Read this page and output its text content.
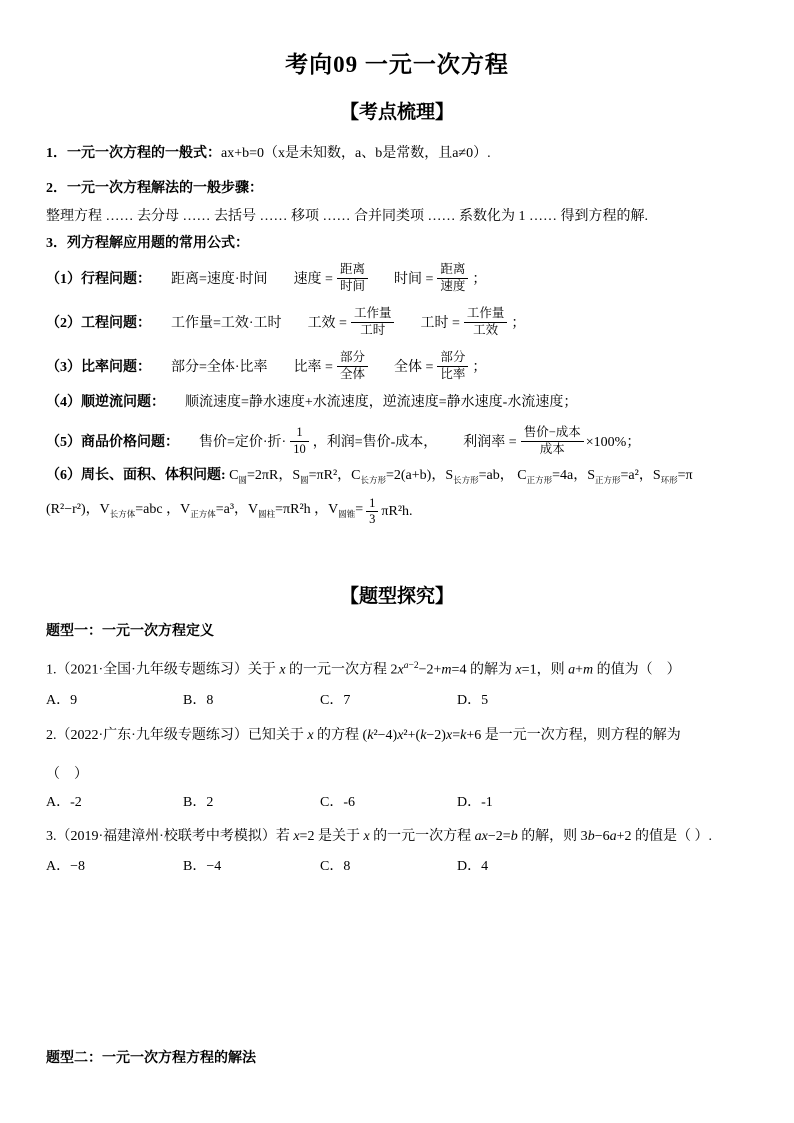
考向09 一元一次方程
【考点梳理】
1．一元一次方程的一般式：ax+b=0（x是未知数，a、b是常数，且a≠0）.
2．一元一次方程解法的一般步骤：
整理方程 …… 去分母 …… 去括号 …… 移项 …… 合并同类项 …… 系数化为 1 …… 得到方程的解.
3．列方程解应用题的常用公式：
（1）行程问题： 距离=速度·时间 速度 = $\frac{\text{距离}}{\text{时间}}$ 时间 = $\frac{\text{距离}}{\text{速度}}$ ；
（2）工程问题： 工作量=工效·工时 工效 = $\frac{\text{工作量}}{\text{工时}}$ 工时 = $\frac{\text{工作量}}{\text{工效}}$ ；
（3）比率问题： 部分=全体·比率 比率 = $\frac{\text{部分}}{\text{全体}}$ 全体 = $\frac{\text{部分}}{\text{比率}}$ ；
（4）顺逆流问题： 顺流速度=静水速度+水流速度，逆流速度=静水速度-水流速度；
（5）商品价格问题： 售价=定价·折· $\frac{1}{10}$ ，利润=售价-成本， 利润率 = $\frac{\text{售价−成本}}{\text{成本}} \times 100\%$；
（6）周长、面积、体积问题: $C_圆=2\pi R$，$S_圆=\pi R^2$，$C_{长方形}=2(a+b)$，$S_{长方形}=ab$， $C_{正方形}=4a$，$S_{正方形}=a^2$，$S_{环形}=\pi$
(R²−r²)，$V_{长方体}=abc$ ，$V_{正方体}=a^3$，$V_{圆柱}=\pi R^2h$ ，$V_{圆锥}= \frac{1}{3} \pi R^2h$.
【题型探究】
题型一：一元一次方程定义
1.（2021·全国·九年级专题练习）关于 x 的一元一次方程 $2x^{a-2}-2+m=4$ 的解为 x=1，则 a+m 的值为（　）
A．9	B．8	C．7	D．5
2.（2022·广东·九年级专题练习）已知关于 x 的方程 (k²−4)x²+(k−2)x=k+6 是一元一次方程，则方程的解为
（　）
A．-2	B．2	C．-6	D．-1
3.（2019·福建漳州·校联考中考模拟）若 x=2 是关于 x 的一元一次方程 ax−2=b 的解，则 3b−6a+2 的值是（ ）.
A．−8	B．−4	C．8	D．4
题型二：一元一次方程方程的解法
